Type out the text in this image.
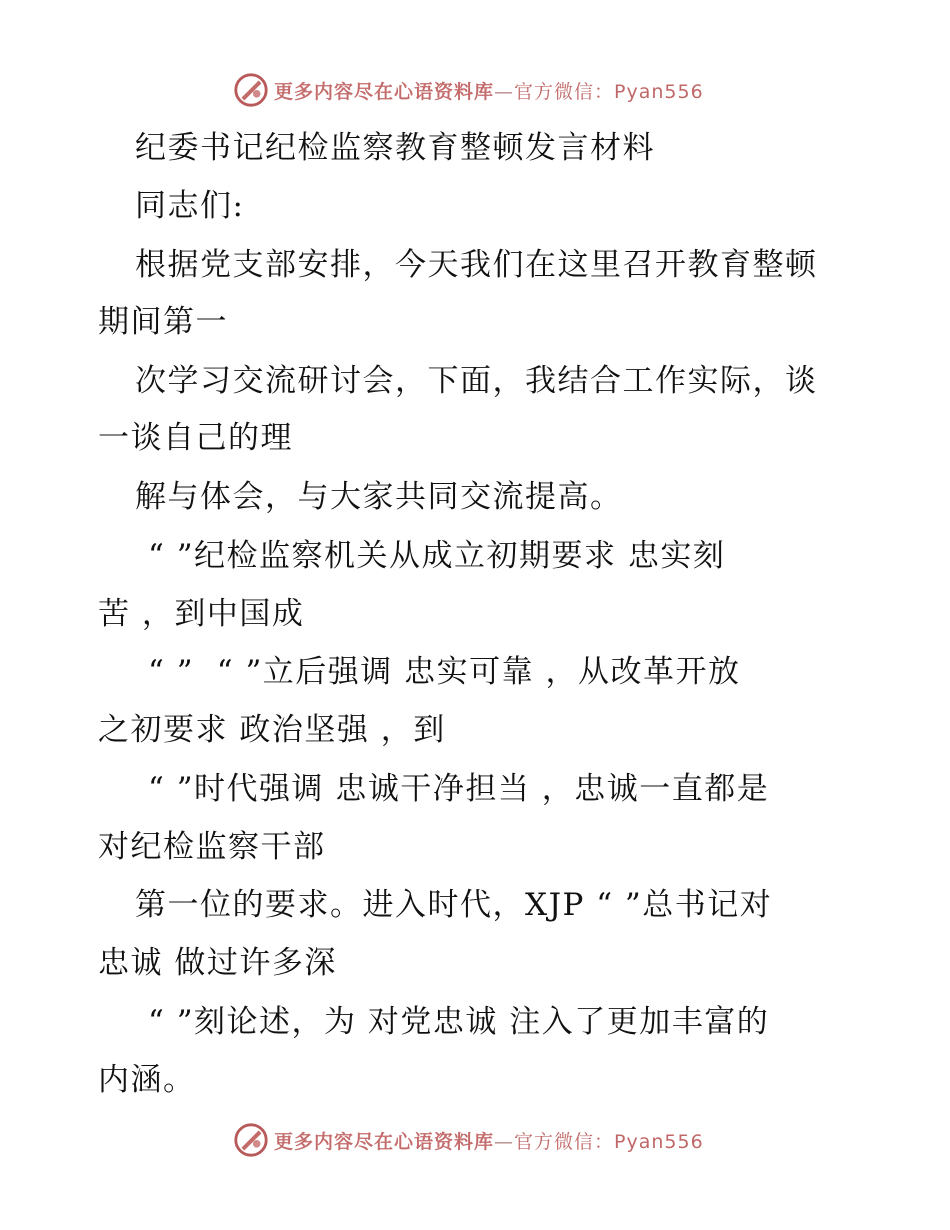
更多内容尽在心语资料库—官方微信：Pyan556
纪委书记纪检监察教育整顿发言材料
同志们:
根据党支部安排，今天我们在这里召开教育整顿
期间第一
次学习交流研讨会，下面，我结合工作实际，谈
一谈自己的理
解与体会，与大家共同交流提高。
“ ”纪检监察机关从成立初期要求 忠实刻
苦 ，到中国成
“ ”  “ ”立后强调 忠实可靠 ，从改革开放
之初要求 政治坚强 ，到
“ ”时代强调 忠诚干净担当 ，忠诚一直都是
对纪检监察干部
第一位的要求。进入时代，XJP “ ”总书记对
忠诚 做过许多深
“ ”刻论述，为 对党忠诚 注入了更加丰富的
内涵。
更多内容尽在心语资料库—官方微信：Pyan556
